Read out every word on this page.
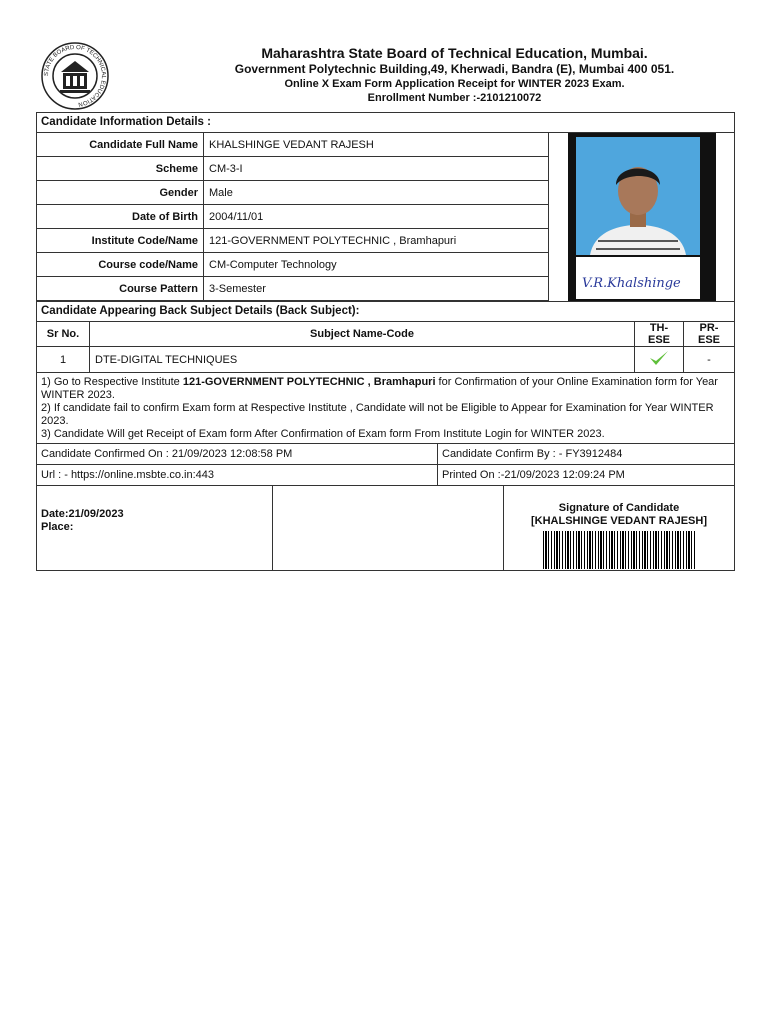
STATE BOARD OF TECHNICAL EDUCATION
Maharashtra State Board of Technical Education, Mumbai.
Government Polytechnic Building,49, Kherwadi, Bandra (E), Mumbai 400 051.
Online X Exam Form Application Receipt for WINTER 2023 Exam.
Enrollment Number :-2101210072
Candidate Information Details :
Candidate Full Name	KHALSHINGE VEDANT RAJESH
Scheme	CM-3-I
Gender	Male
Date of Birth	2004/11/01
Institute Code/Name	121-GOVERNMENT POLYTECHNIC , Bramhapuri
Course code/Name	CM-Computer Technology
Course Pattern	3-Semester	V.R.Khalshinge
Candidate Appearing Back Subject Details (Back Subject):
Sr No.	Subject Name-Code	TH-ESE	PR-ESE
1	DTE-DIGITAL TECHNIQUES		-
1) Go to Respective Institute 121-GOVERNMENT POLYTECHNIC , Bramhapuri for Confirmation of your Online Examination form for Year WINTER 2023.
2) If candidate fail to confirm Exam form at Respective Institute , Candidate will not be Eligible to Appear for Examination for Year WINTER 2023.
3) Candidate Will get Receipt of Exam form After Confirmation of Exam form From Institute Login for WINTER 2023.
Candidate Confirmed On : 21/09/2023 12:08:58 PM	Candidate Confirm By : - FY3912484
Url : - https://online.msbte.co.in:443	Printed On :-21/09/2023 12:09:24 PM
Date:21/09/2023
Place:
Signature of Candidate
[KHALSHINGE VEDANT RAJESH]
